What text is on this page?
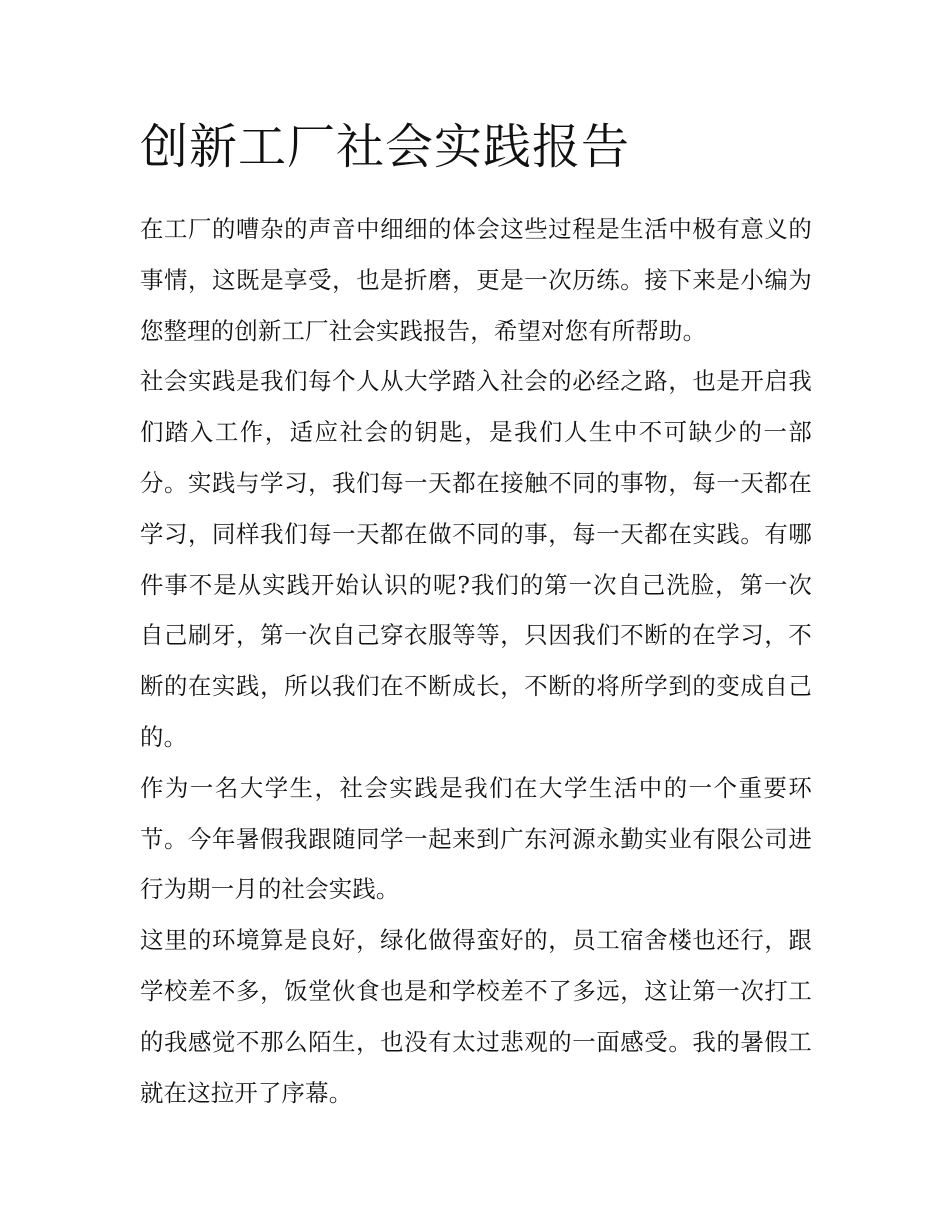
创新工厂社会实践报告

在工厂的嘈杂的声音中细细的体会这些过程是生活中极有意义的事情，这既是享受，也是折磨，更是一次历练。接下来是小编为您整理的创新工厂社会实践报告，希望对您有所帮助。

社会实践是我们每个人从大学踏入社会的必经之路，也是开启我们踏入工作，适应社会的钥匙，是我们人生中不可缺少的一部分。实践与学习，我们每一天都在接触不同的事物，每一天都在学习，同样我们每一天都在做不同的事，每一天都在实践。有哪件事不是从实践开始认识的呢?我们的第一次自己洗脸，第一次自己刷牙，第一次自己穿衣服等等，只因我们不断的在学习，不断的在实践，所以我们在不断成长，不断的将所学到的变成自己的。

作为一名大学生，社会实践是我们在大学生活中的一个重要环节。今年暑假我跟随同学一起来到广东河源永勤实业有限公司进行为期一月的社会实践。

这里的环境算是良好，绿化做得蛮好的，员工宿舍楼也还行，跟学校差不多，饭堂伙食也是和学校差不了多远，这让第一次打工的我感觉不那么陌生，也没有太过悲观的一面感受。我的暑假工就在这拉开了序幕。
